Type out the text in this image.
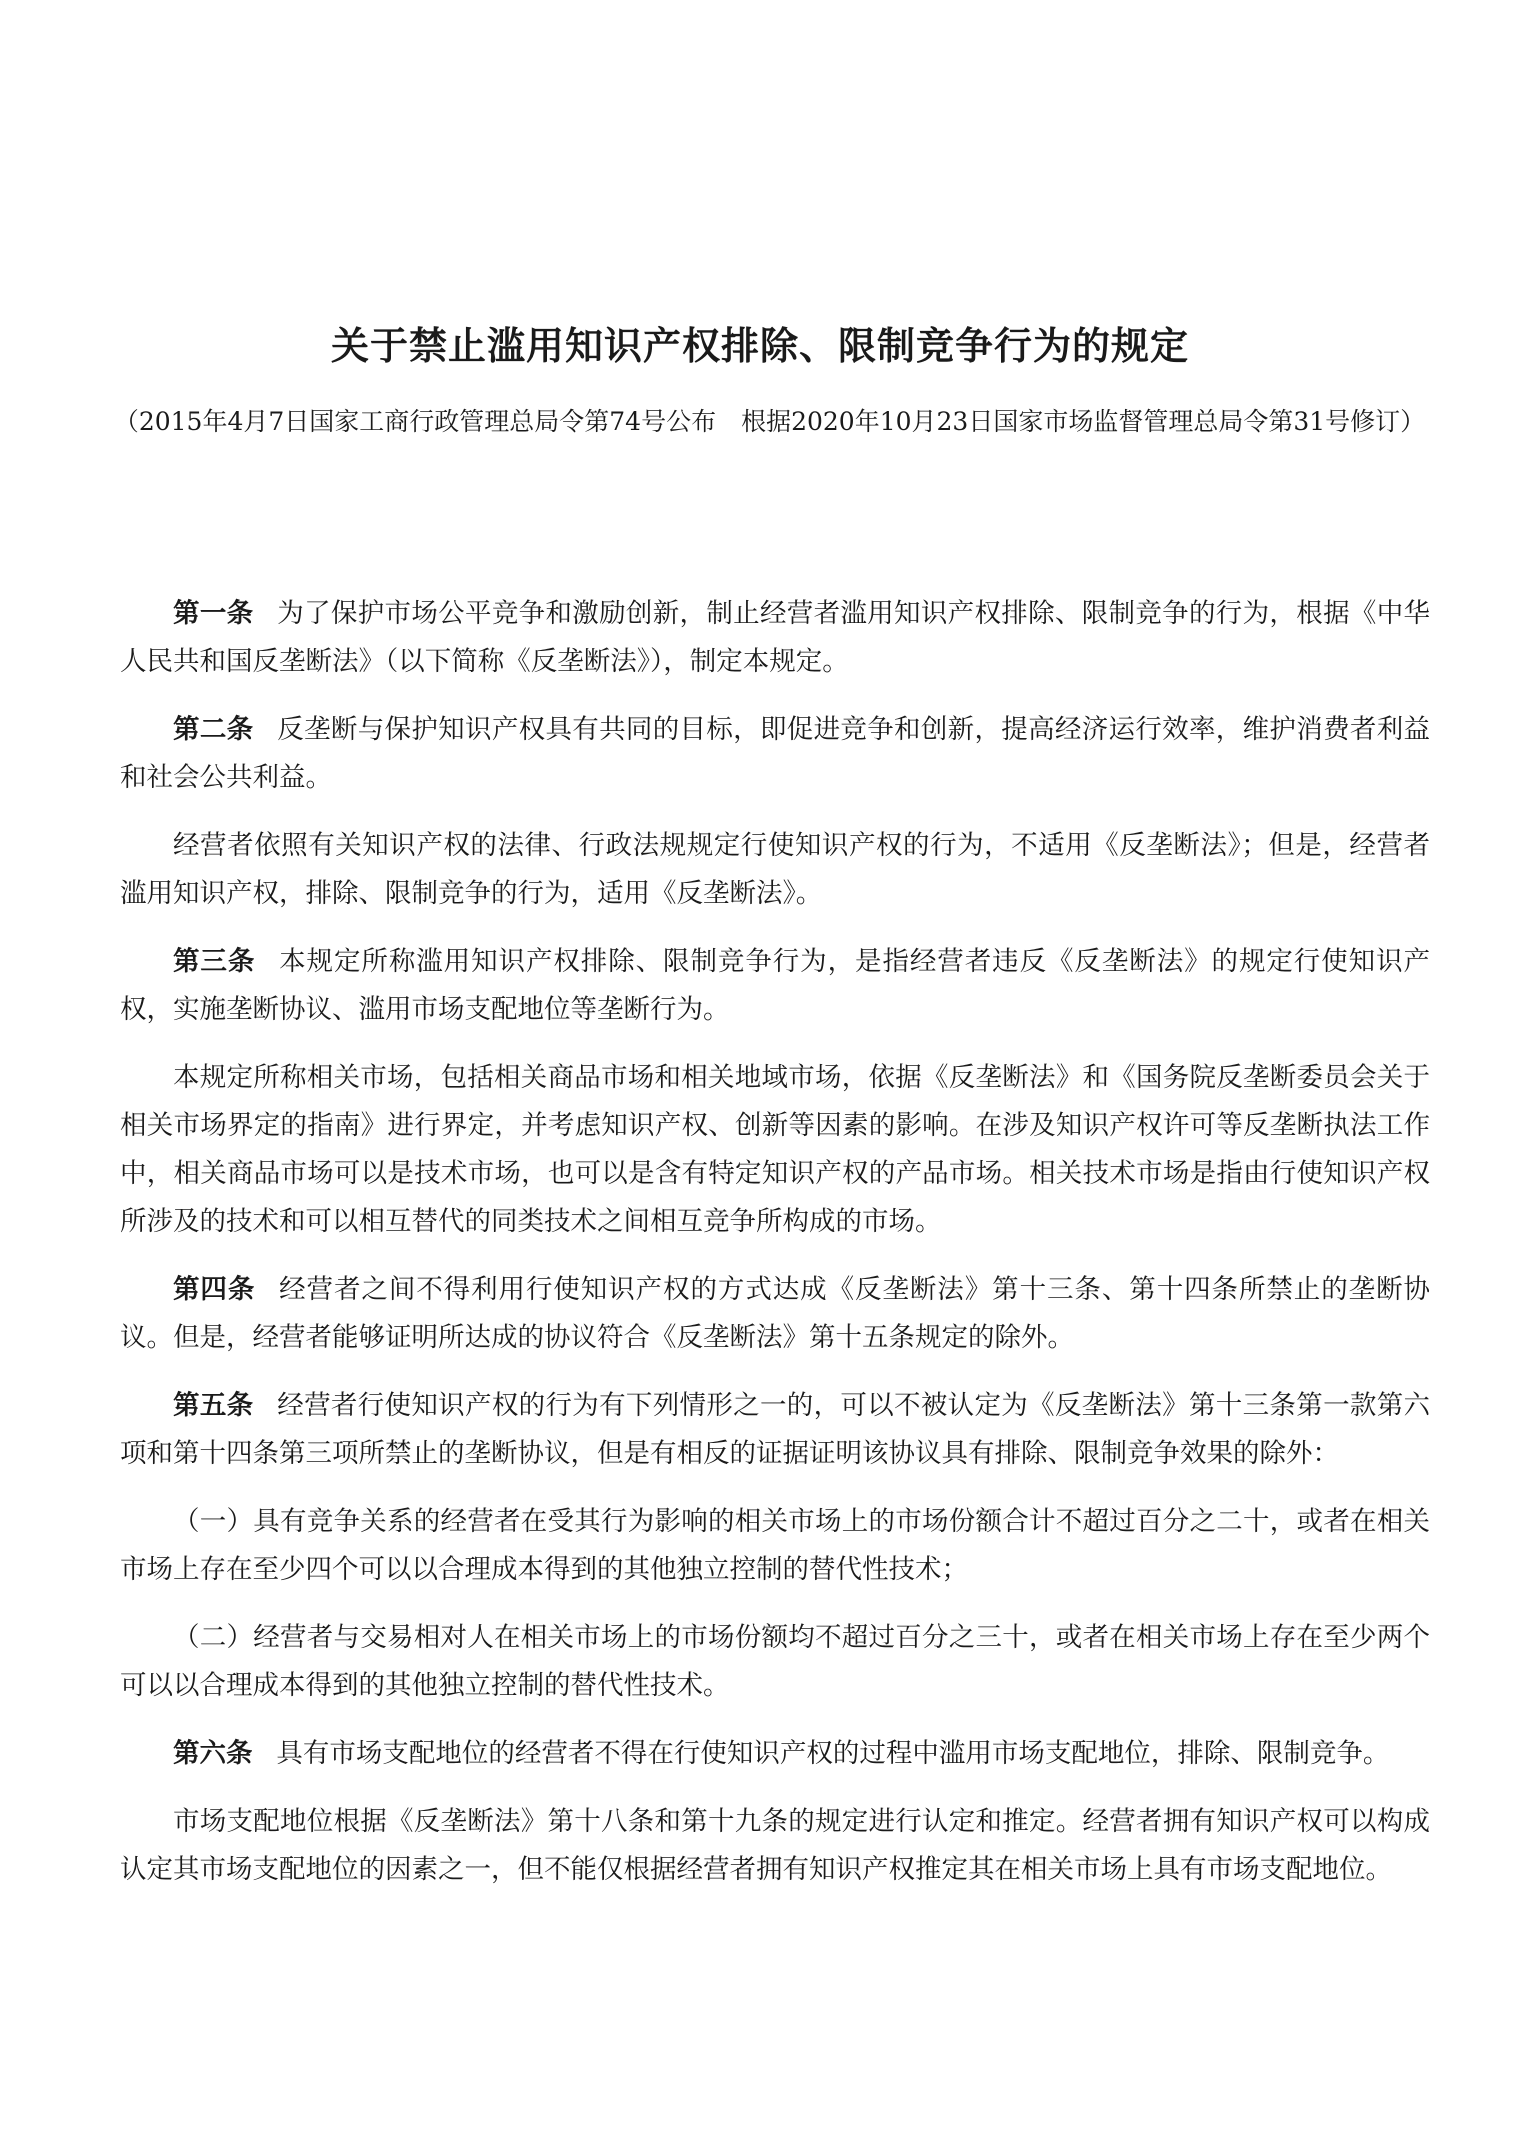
关于禁止滥用知识产权排除、限制竞争行为的规定

（2015年4月7日国家工商行政管理总局令第74号公布　根据2020年10月23日国家市场监督管理总局令第31号修订）

第一条 为了保护市场公平竞争和激励创新，制止经营者滥用知识产权排除、限制竞争的行为，根据《中华人民共和国反垄断法》（以下简称《反垄断法》），制定本规定。

第二条 反垄断与保护知识产权具有共同的目标，即促进竞争和创新，提高经济运行效率，维护消费者利益和社会公共利益。

经营者依照有关知识产权的法律、行政法规规定行使知识产权的行为，不适用《反垄断法》；但是，经营者滥用知识产权，排除、限制竞争的行为，适用《反垄断法》。

第三条 本规定所称滥用知识产权排除、限制竞争行为，是指经营者违反《反垄断法》的规定行使知识产权，实施垄断协议、滥用市场支配地位等垄断行为。

本规定所称相关市场，包括相关商品市场和相关地域市场，依据《反垄断法》和《国务院反垄断委员会关于相关市场界定的指南》进行界定，并考虑知识产权、创新等因素的影响。在涉及知识产权许可等反垄断执法工作中，相关商品市场可以是技术市场，也可以是含有特定知识产权的产品市场。相关技术市场是指由行使知识产权所涉及的技术和可以相互替代的同类技术之间相互竞争所构成的市场。

第四条 经营者之间不得利用行使知识产权的方式达成《反垄断法》第十三条、第十四条所禁止的垄断协议。但是，经营者能够证明所达成的协议符合《反垄断法》第十五条规定的除外。

第五条 经营者行使知识产权的行为有下列情形之一的，可以不被认定为《反垄断法》第十三条第一款第六项和第十四条第三项所禁止的垄断协议，但是有相反的证据证明该协议具有排除、限制竞争效果的除外：

（一）具有竞争关系的经营者在受其行为影响的相关市场上的市场份额合计不超过百分之二十，或者在相关市场上存在至少四个可以以合理成本得到的其他独立控制的替代性技术；

（二）经营者与交易相对人在相关市场上的市场份额均不超过百分之三十，或者在相关市场上存在至少两个可以以合理成本得到的其他独立控制的替代性技术。

第六条 具有市场支配地位的经营者不得在行使知识产权的过程中滥用市场支配地位，排除、限制竞争。

市场支配地位根据《反垄断法》第十八条和第十九条的规定进行认定和推定。经营者拥有知识产权可以构成认定其市场支配地位的因素之一，但不能仅根据经营者拥有知识产权推定其在相关市场上具有市场支配地位。
